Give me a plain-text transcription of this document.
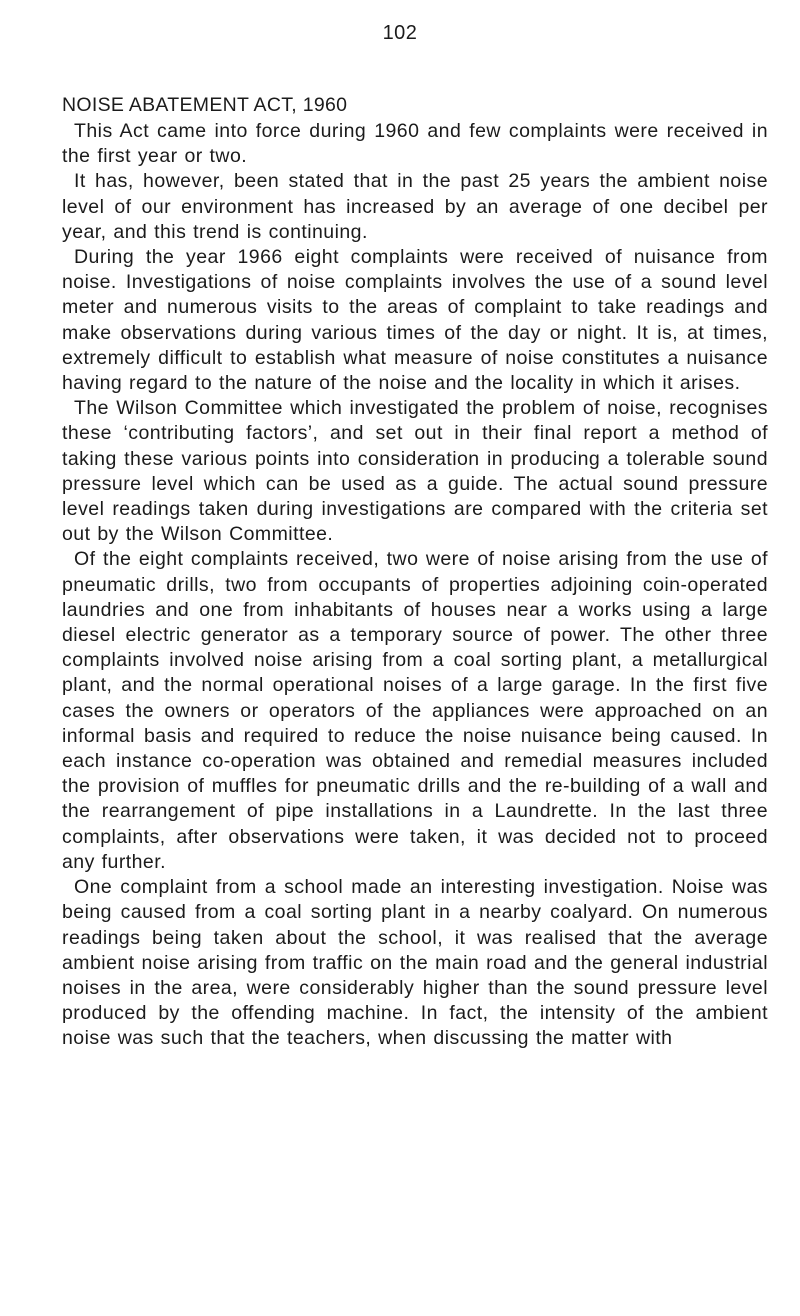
102
NOISE ABATEMENT ACT, 1960

This Act came into force during 1960 and few complaints were received in the first year or two.

It has, however, been stated that in the past 25 years the ambient noise level of our environment has increased by an average of one decibel per year, and this trend is continuing.

During the year 1966 eight complaints were received of nuisance from noise. Investigations of noise complaints involves the use of a sound level meter and numerous visits to the areas of complaint to take readings and make observations during various times of the day or night. It is, at times, extremely difficult to establish what measure of noise constitutes a nuisance having regard to the nature of the noise and the locality in which it arises.

The Wilson Committee which investigated the problem of noise, recognises these ‘contributing factors’, and set out in their final report a method of taking these various points into consideration in producing a tolerable sound pressure level which can be used as a guide. The actual sound pressure level readings taken during investigations are compared with the criteria set out by the Wilson Committee.

Of the eight complaints received, two were of noise arising from the use of pneumatic drills, two from occupants of properties adjoining coin-operated laundries and one from inhabitants of houses near a works using a large diesel electric generator as a temporary source of power. The other three complaints involved noise arising from a coal sorting plant, a metallurgical plant, and the normal operational noises of a large garage. In the first five cases the owners or operators of the appliances were approached on an informal basis and required to reduce the noise nuisance being caused. In each instance co-operation was obtained and remedial measures included the provision of muffles for pneumatic drills and the re-building of a wall and the rearrangement of pipe installations in a Laundrette. In the last three complaints, after observations were taken, it was decided not to proceed any further.

One complaint from a school made an interesting investigation. Noise was being caused from a coal sorting plant in a nearby coalyard. On numerous readings being taken about the school, it was realised that the average ambient noise arising from traffic on the main road and the general industrial noises in the area, were considerably higher than the sound pressure level produced by the offending machine. In fact, the intensity of the ambient noise was such that the teachers, when discussing the matter with
